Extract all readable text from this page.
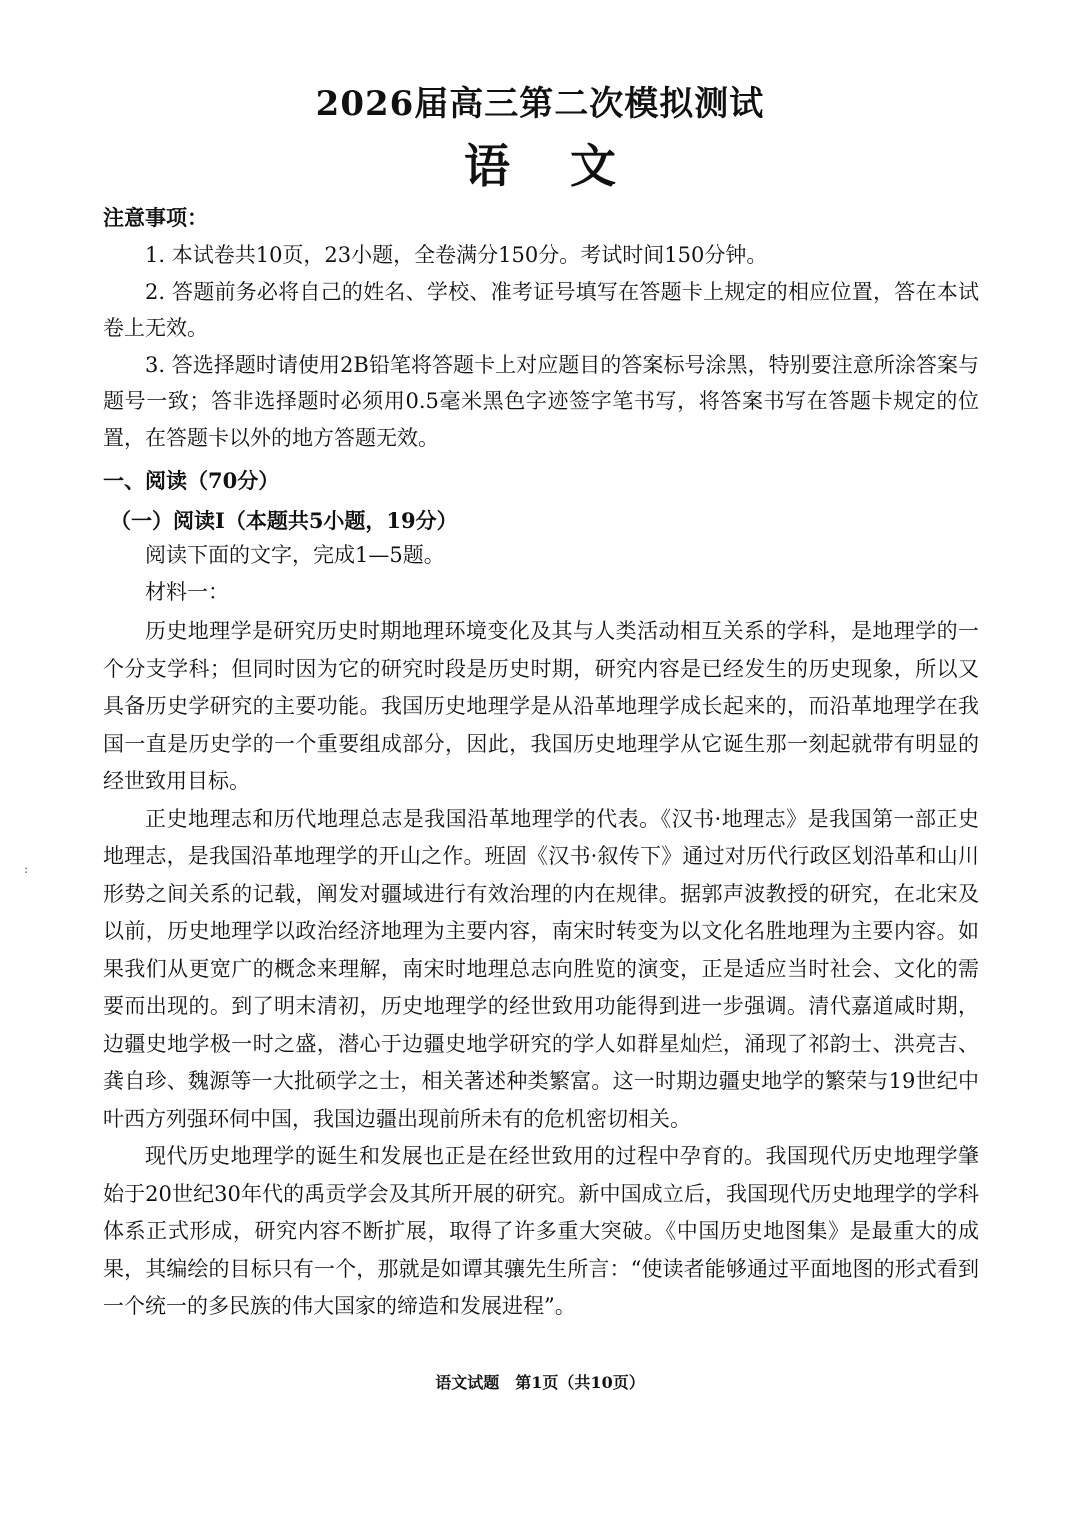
2026届高三第二次模拟测试
语文
注意事项：

1. 本试卷共10页，23小题，全卷满分150分。考试时间150分钟。

2. 答题前务必将自己的姓名、学校、准考证号填写在答题卡上规定的相应位置，答在本试卷上无效。

3. 答选择题时请使用2B铅笔将答题卡上对应题目的答案标号涂黑，特别要注意所涂答案与题号一致；答非选择题时必须用0.5毫米黑色字迹签字笔书写，将答案书写在答题卡规定的位置，在答题卡以外的地方答题无效。

一、阅读（70分）
（一）阅读Ⅰ（本题共5小题，19分）
阅读下面的文字，完成1—5题。
材料一：

历史地理学是研究历史时期地理环境变化及其与人类活动相互关系的学科，是地理学的一个分支学科；但同时因为它的研究时段是历史时期，研究内容是已经发生的历史现象，所以又具备历史学研究的主要功能。我国历史地理学是从沿革地理学成长起来的，而沿革地理学在我国一直是历史学的一个重要组成部分，因此，我国历史地理学从它诞生那一刻起就带有明显的经世致用目标。

正史地理志和历代地理总志是我国沿革地理学的代表。《汉书·地理志》是我国第一部正史地理志，是我国沿革地理学的开山之作。班固《汉书·叙传下》通过对历代行政区划沿革和山川形势之间关系的记载，阐发对疆域进行有效治理的内在规律。据郭声波教授的研究，在北宋及以前，历史地理学以政治经济地理为主要内容，南宋时转变为以文化名胜地理为主要内容。如果我们从更宽广的概念来理解，南宋时地理总志向胜览的演变，正是适应当时社会、文化的需要而出现的。到了明末清初，历史地理学的经世致用功能得到进一步强调。清代嘉道咸时期，边疆史地学极一时之盛，潜心于边疆史地学研究的学人如群星灿烂，涌现了祁韵士、洪亮吉、龚自珍、魏源等一大批硕学之士，相关著述种类繁富。这一时期边疆史地学的繁荣与19世纪中叶西方列强环伺中国，我国边疆出现前所未有的危机密切相关。

现代历史地理学的诞生和发展也正是在经世致用的过程中孕育的。我国现代历史地理学肇始于20世纪30年代的禹贡学会及其所开展的研究。新中国成立后，我国现代历史地理学的学科体系正式形成，研究内容不断扩展，取得了许多重大突破。《中国历史地图集》是最重大的成果，其编绘的目标只有一个，那就是如谭其骧先生所言：“使读者能够通过平面地图的形式看到一个统一的多民族的伟大国家的缔造和发展进程”。

:
语文试题　第1页（共10页）
